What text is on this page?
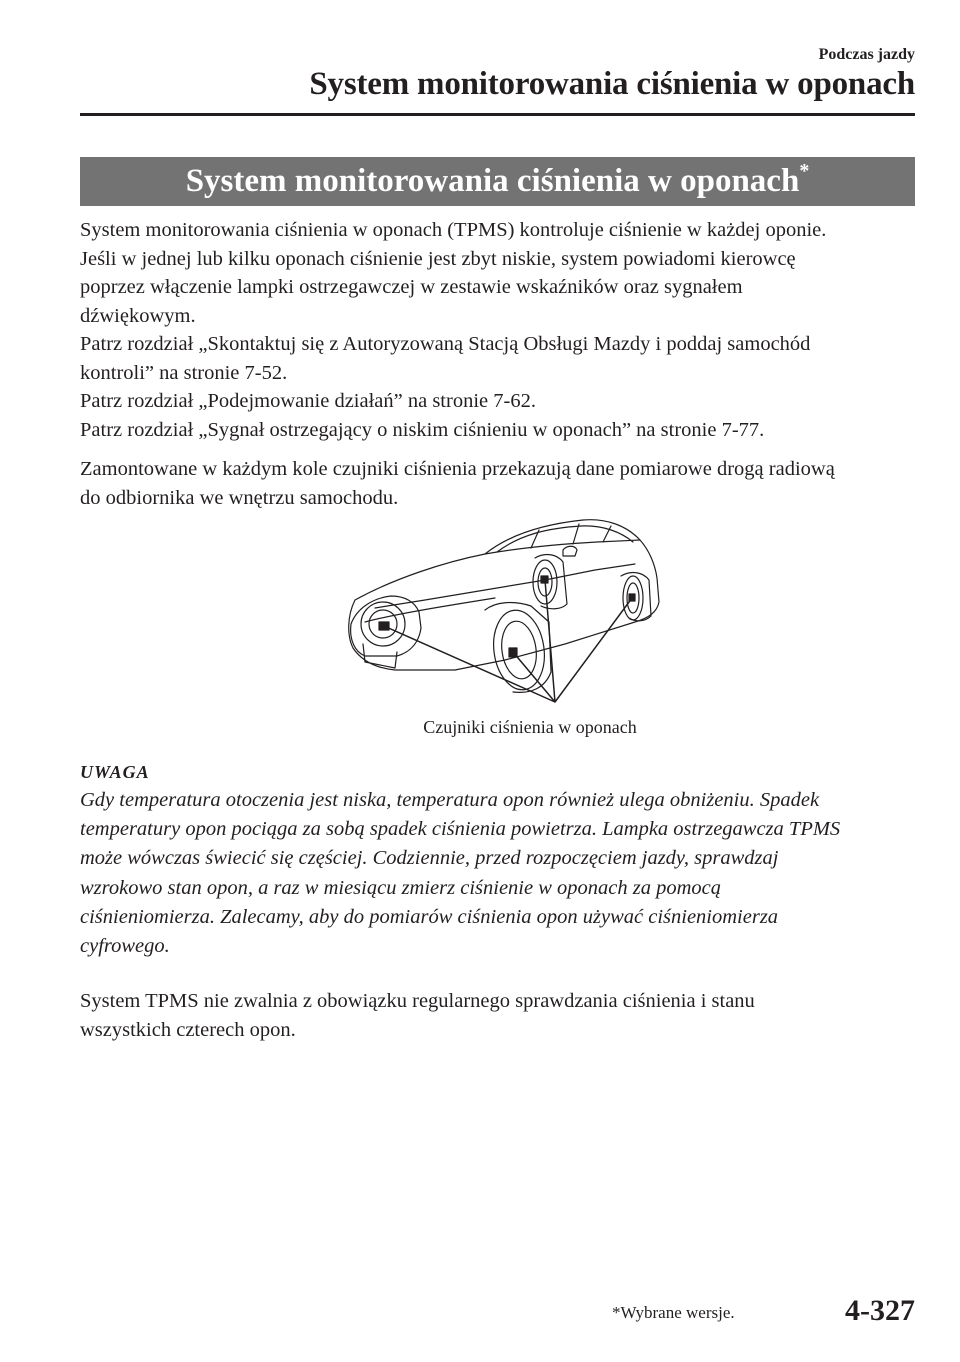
Podczas jazdy
System monitorowania ciśnienia w oponach
System monitorowania ciśnienia w oponach*
System monitorowania ciśnienia w oponach (TPMS) kontroluje ciśnienie w każdej oponie.
Jeśli w jednej lub kilku oponach ciśnienie jest zbyt niskie, system powiadomi kierowcę
poprzez włączenie lampki ostrzegawczej w zestawie wskaźników oraz sygnałem
dźwiękowym.
Patrz rozdział „Skontaktuj się z Autoryzowaną Stacją Obsługi Mazdy i poddaj samochód
kontroli” na stronie 7-52.
Patrz rozdział „Podejmowanie działań” na stronie 7-62.
Patrz rozdział „Sygnał ostrzegający o niskim ciśnieniu w oponach” na stronie 7-77.
Zamontowane w każdym kole czujniki ciśnienia przekazują dane pomiarowe drogą radiową
do odbiornika we wnętrzu samochodu.
Czujniki ciśnienia w oponach
UWAGA
Gdy temperatura otoczenia jest niska, temperatura opon również ulega obniżeniu. Spadek
temperatury opon pociąga za sobą spadek ciśnienia powietrza. Lampka ostrzegawcza TPMS
może wówczas świecić się częściej. Codziennie, przed rozpoczęciem jazdy, sprawdzaj
wzrokowo stan opon, a raz w miesiącu zmierz ciśnienie w oponach za pomocą
ciśnieniomierza. Zalecamy, aby do pomiarów ciśnienia opon używać ciśnieniomierza
cyfrowego.
System TPMS nie zwalnia z obowiązku regularnego sprawdzania ciśnienia i stanu
wszystkich czterech opon.
*Wybrane wersje.	4-327
